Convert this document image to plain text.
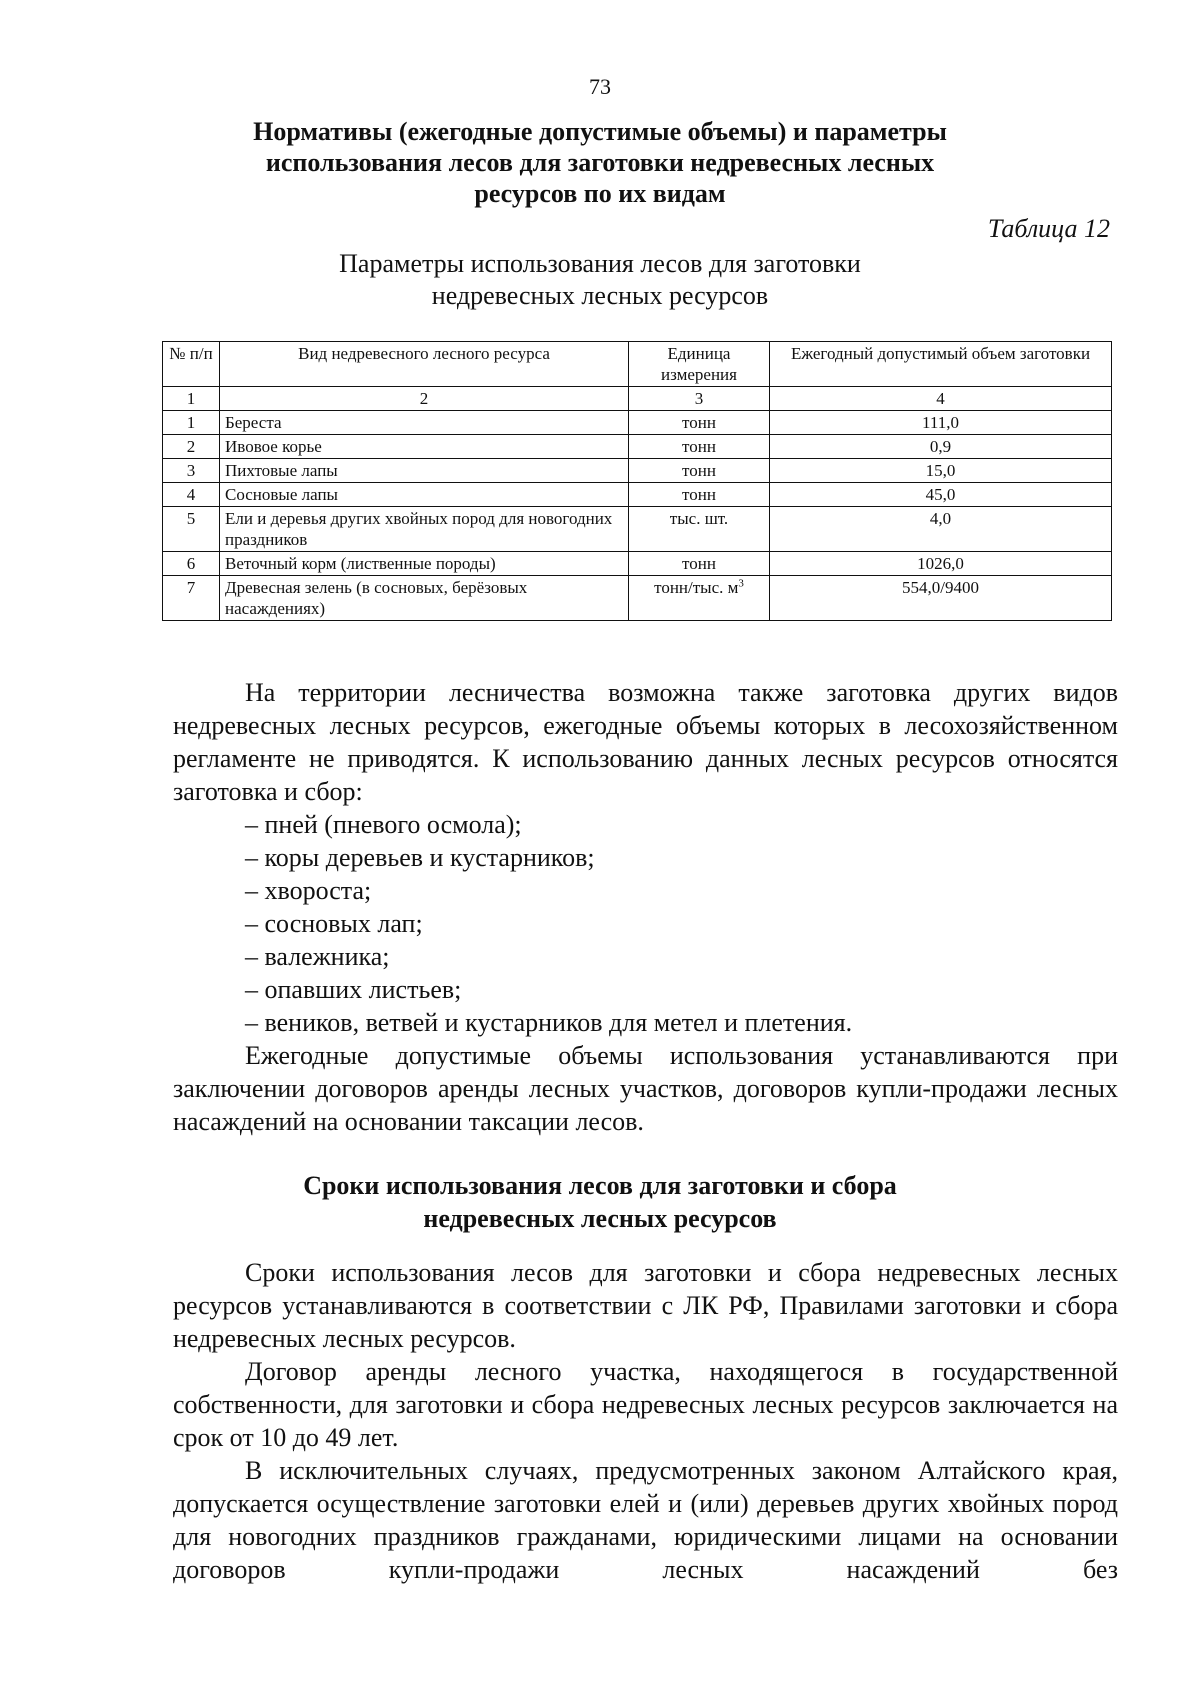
73
Нормативы (ежегодные допустимые объемы) и параметры
использования лесов для заготовки недревесных лесных
ресурсов по их видам
Таблица 12
Параметры использования лесов для заготовки
недревесных лесных ресурсов
№ п/п	Вид недревесного лесного ресурса	Единица измерения	Ежегодный допустимый объем заготовки
1	2	3	4
1	Береста	тонн	111,0
2	Ивовое корье	тонн	0,9
3	Пихтовые лапы	тонн	15,0
4	Сосновые лапы	тонн	45,0
5	Ели и деревья других хвойных пород для новогодних праздников	тыс. шт.	4,0
6	Веточный корм (лиственные породы)	тонн	1026,0
7	Древесная зелень (в сосновых, берёзовых насаждениях)	тонн/тыс. $м^3$	554,0/9400

На территории лесничества возможна также заготовка других видов недревесных лесных ресурсов, ежегодные объемы которых в лесохозяйственном регламенте не приводятся. К использованию данных лесных ресурсов относятся заготовка и сбор:

– пней (пневого осмола);
– коры деревьев и кустарников;
– хвороста;
– сосновых лап;
– валежника;
– опавших листьев;
– веников, ветвей и кустарников для метел и плетения.

Ежегодные допустимые объемы использования устанавливаются при заключении договоров аренды лесных участков, договоров купли-продажи лесных насаждений на основании таксации лесов.

Сроки использования лесов для заготовки и сбора
недревесных лесных ресурсов

Сроки использования лесов для заготовки и сбора недревесных лесных ресурсов устанавливаются в соответствии с ЛК РФ, Правилами заготовки и сбора недревесных лесных ресурсов.

Договор аренды лесного участка, находящегося в государственной собственности, для заготовки и сбора недревесных лесных ресурсов заключается на срок от 10 до 49 лет.

В исключительных случаях, предусмотренных законом Алтайского края, допускается осуществление заготовки елей и (или) деревьев других хвойных пород для новогодних праздников гражданами, юридическими лицами на основании договоров купли-продажи лесных насаждений без
